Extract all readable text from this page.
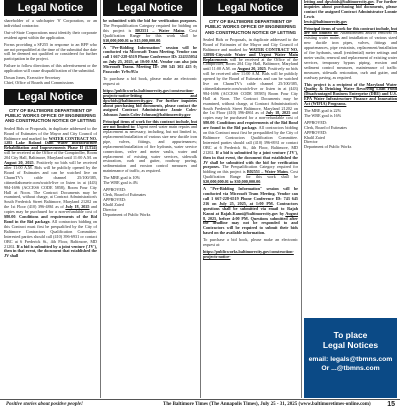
Legal Notice

shareholder of a subchapter 'S' Corporation, or an individual contractor.

Out-of-State Corporations must identify their corporate resident agent within the application.

Forms providing a SF255 in response to an RFP who are not prequalified at the time of the submittal due date will be deemed not qualified or considered for further participation in the project.

Failure to follow directions of this advertisement or the application will cause disqualification of the submittal.

Dosun Jones, Executive Secretary
Chief, Office of Boards and Commissions

Legal Notice
CITY OF BALTIMORE DEPARTMENT OF PUBLIC WORKS OFFICE OF ENGINEERING AND CONSTRUCTION NOTICE OF LETTING

Sealed Bids or Proposals, in duplicate addressed to the Board of Estimates of the Mayor and City Council of Baltimore and marked for WATER CONTRACT NO. 1285 Lake Roland Dam Water Infrastructure Rehabilitation and Improvements Phase II (LT24) will be received at the Office of the Comptroller, Room 204 City Hall, Baltimore, Maryland until 11:00 A.M. on August 20, 2025. Positively no bids will be received after 11:00 A.M. Bids will be publicly opened by the Board of Estimates and can be watched live on CharmTV's cable channel 25/100/385, citimediahometv.com/watch-live or listen in at (443) 984-1696 (ACCESS CODE 5858), Room Four City Hall at Noon. The Contract Documents may be examined, without charge, at Contract Administration's South Frederick Street Baltimore, Maryland 21202 on the 1st Floor (410) 396-4861 as of July 18, 2025 and copies may be purchased for a non-refundable cost of $80.00. Conditions and requirements of the Bid Bond in the Bid package. All contractors bidding on this Contract must first be prequalified by the City of Baltimore Contractors Qualification Committee. Interested parties should call (410) 396-6931 or contact OBC at 6 Frederick St., 4th Floor, Baltimore, MD 21202. If a bid is submitted by a joint venture ('JV'), then in that event, the document that established the JV shall

Legal Notice

be submitted with the bid for verification purposes. The Prequalification Category required for bidding on this project is B02551 – Water Mains. Cost Qualification Range for this work shall be $10,000,000.01 to $15,000,000.00.

A "Pre-Bidding Information" session will be conducted via Microsoft Team Meeting. Vendor can call 1 667-228-6519 Phone Conference ID: 224335054 on July 25, 2025, at 10:00 AM. Vendor can also join Microsoft Teams. Meeting ID: 290 545 302 425 0; Passcode: Yr9w9Uo

To purchase a bid book, please make an electronic request at:

https://publicworks.baltimorecity.gov/construction-projects-notice-letting and dpwbids@baltimorecity.gov. For further inquiries about purchasing bid documents, please contact the assigned Contract Administrator Jamie Coles-Johnson Jamie.Coles-Johnson@baltimorecity.gov

Principal items of work for this contract include, but are not limited to: Urgent need water main repairs and replacement as necessary, including, but not limited to, replacement/installation of various size new ductile iron pipe, valves, fittings, and appurtenances; replacement/installation of fire hydrants, water service connections, valve and meter vaults, water and replacement of existing water services, sidewalk restoration, curb and gutter, roadway paving, sedimentation and erosion control measures and maintenance of traffic, as required.

The MBE goal is 10%
The WBE goal is 4%

APPROVED:
Clerk, Board of Estimates
APPROVED:
Khalil Zaied
Director
Department of Public Works

Legal Notice
CITY OF BALTIMORE DEPARTMENT OF PUBLIC WORKS OFFICE OF ENGINEERING AND CONSTRUCTION NOTICE OF LETTING

Sealed Bids or Proposals, in duplicate addressed to the Board of Estimates of the Mayor and City Council of Baltimore and marked for WATER CONTRACT NO. 1289R-Citywide Water and Urgent Water Main Replacements will be received at the Office of the Comptroller, Room 204 City Hall, Baltimore, Maryland until 11:00 A.M. on August 20, 2025. Positively no bids will be received after 11:00 A.M. Bids will be publicly opened by the Board of Estimates and can be watched live on CharmTV's cable channel 25/100/385, citimediahometv.com/watch-live or listen in at (443) 984-1696 (ACCESS CODE 58585) Room Four City Hall at Noon. The Contract Documents may be examined, without charge, at Contract Administration's South Frederick Street Baltimore, Maryland 21202 on the 1st Floor (410) 396-4861 as of July 18, 2025 and copies may be purchased for a non-refundable cost of $80.00. Conditions and requirements of the Bid Bond are found in the Bid package. All contractors bidding on this Contract must first be prequalified by the City of Baltimore Contractors Qualification Committee. Interested parties should call (410) 396-6931 or contact OBC at 6 Frederick St., 4th Floor, Baltimore, MD 21202. If a bid is submitted by a joint venture ('JV'), then in that event, the document that established the JV shall be submitted with the bid for verification purposes. The Prequalification Category required for bidding on this project is B02551 – Water Mains. Cost Qualification Range for this work shall be $20,000,000.01 to $30,000,000.00.

A "Pre-Bidding Information" session will be conducted via Microsoft Team Meeting. Vendor can call 1 667-228-6519 Phone Conference ID: 743 645 216 on July 25, 2025, at 1:00 PM. Contractors questions shall be submitted via email to Rajah Kanni at Rajah.Kanni@baltimorecity.gov by August 8, 2025, before 4:00 PM. Questions submitted after the deadline may not be responded to and Contractors will be required to submit their bids based on the available information.

To purchase a bid book, please make an electronic request at:

https://publicworks.baltimorecity.gov/construction-projects-notice-

letting and dpwbids@baltimorecity.gov. For further inquiries about purchasing bid documents, please contact the assigned Contract Administrator Lonnie Lewis
lewis@baltimorecity.gov

Principal items of work for this contract include, but are not limited to: Abandonment and/or removal of existing water mains and installation of various sized new ductile iron pipes, valves, fittings and appurtenances, pipe restraints, replacement/installation of fire hydrants, small (residential) meter settings and meter vaults; renewal and replacement of existing water services, temporary bypass piping, erosion and sediment control measures, maintenance of traffic measures, sidewalk restoration, curb and gutter, and roadway paving, as required.

This project is a recipient of the Maryland Water Quality & Drinking Water Revolving Loan Fund (Disadvantaged Business Enterprise (DBE) and U.S. EPA Water Infrastructure Finance and Innovation Act (WIFIA) Programs.

The MBE goal is 22%
The WBE goal is 16%

APPROVED:
Clerk, Board of Estimates
APPROVED:
Khalil Zaied
Director
Department of Public Works

To place
Legal Notices
email: legals@tbmns.com
Or ...@tbmns.com
Positive stories about positive people!	The Baltimore Times (The Annapolis Times), July 25 - 31, 2025 (www.baltimoretimes-online.com) 15
